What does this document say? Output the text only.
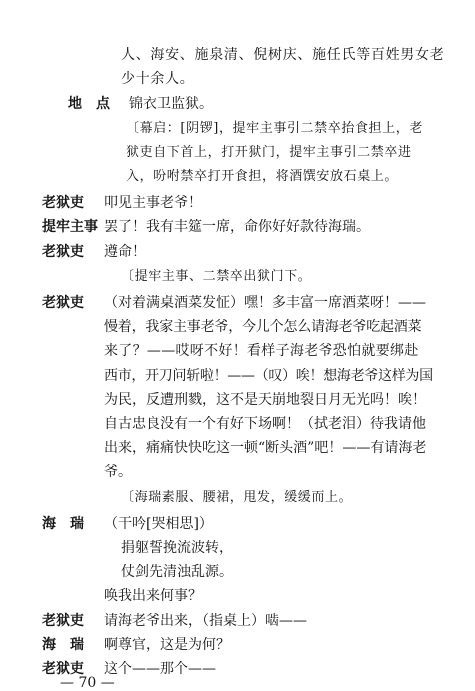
人、海安、施泉清、倪树庆、施任氏等百姓男女老
少十余人。
地　点 锦衣卫监狱。
〔幕启：[阴锣]，提牢主事引二禁卒抬食担上，老
狱吏自下首上，打开狱门，提牢主事引二禁卒进
入，吩咐禁卒打开食担，将酒馔安放石桌上。
老狱吏 叩见主事老爷！
提牢主事 罢了！我有丰筵一席，命你好好款待海瑞。
老狱吏 遵命！
〔提牢主事、二禁卒出狱门下。
老狱吏 （对着满桌酒菜发怔）嘿！多丰富一席酒菜呀！——
慢着，我家主事老爷，今儿个怎么请海老爷吃起酒菜
来了？——哎呀不好！看样子海老爷恐怕就要绑赴
西市，开刀问斩啦！——（叹）唉！想海老爷这样为国
为民，反遭刑戮，这不是天崩地裂日月无光吗！唉！
自古忠良没有一个有好下场啊！（拭老泪）待我请他
出来，痛痛快快吃这一顿“断头酒”吧！——有请海老
爷。
〔海瑞素服、腰裙，甩发，缓缓而上。
海　瑞 （干吟[哭相思]）
捐躯誓挽流波转，
仗剑先清浊乱源。
唤我出来何事？
老狱吏 请海老爷出来，（指桌上）啮——
海　瑞 啊尊官，这是为何？
老狱吏 这个——那个——
— 70 —
